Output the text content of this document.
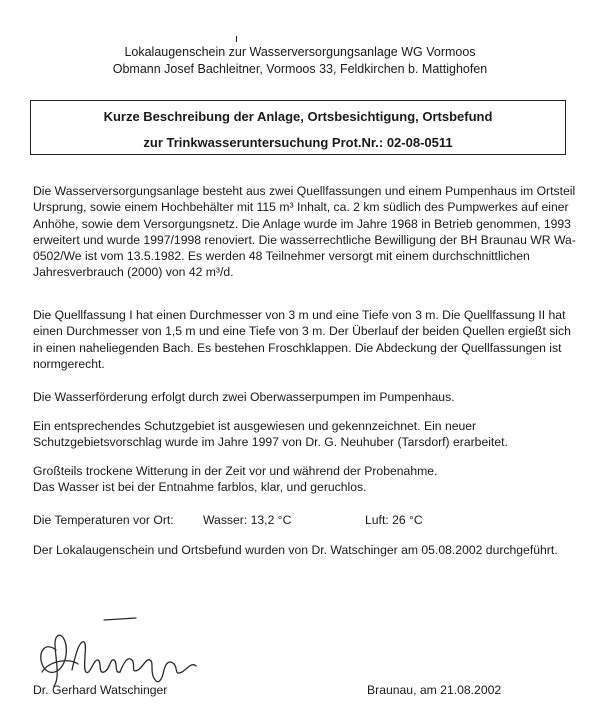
Lokalaugenschein zur Wasserversorgungsanlage WG Vormoos
Obmann Josef Bachleitner, Vormoos 33, Feldkirchen b. Mattighofen
Kurze Beschreibung der Anlage, Ortsbesichtigung, Ortsbefund
zur Trinkwasseruntersuchung Prot.Nr.: 02-08-0511

Die Wasserversorgungsanlage besteht aus zwei Quellfassungen und einem Pumpenhaus im Ortsteil Ursprung, sowie einem Hochbehälter mit 115 m³ Inhalt, ca. 2 km südlich des Pumpwerkes auf einer Anhöhe, sowie dem Versorgungsnetz. Die Anlage wurde im Jahre 1968 in Betrieb genommen, 1993 erweitert und wurde 1997/1998 renoviert. Die wasserrechtliche Bewilligung der BH Braunau WR Wa-0502/We ist vom 13.5.1982. Es werden 48 Teilnehmer versorgt mit einem durchschnittlichen Jahresverbrauch (2000) von 42 m³/d.

Die Quellfassung I hat einen Durchmesser von 3 m und eine Tiefe von 3 m. Die Quellfassung II hat einen Durchmesser von 1,5 m und eine Tiefe von 3 m. Der Überlauf der beiden Quellen ergießt sich in einen naheliegenden Bach. Es bestehen Froschklappen. Die Abdeckung der Quellfassungen ist normgerecht.

Die Wasserförderung erfolgt durch zwei Oberwasserpumpen im Pumpenhaus.

Ein entsprechendes Schutzgebiet ist ausgewiesen und gekennzeichnet. Ein neuer Schutzgebietsvorschlag wurde im Jahre 1997 von Dr. G. Neuhuber (Tarsdorf) erarbeitet.

Großteils trockene Witterung in der Zeit vor und während der Probenahme.

Das Wasser ist bei der Entnahme farblos, klar, und geruchlos.

Die Temperaturen vor Ort: Wasser: 13,2 °C	Luft: 26 °C

Der Lokalaugenschein und Ortsbefund wurden von Dr. Watschinger am 05.08.2002 durchgeführt.

Dr. Gerhard Watschinger	Braunau, am 21.08.2002
